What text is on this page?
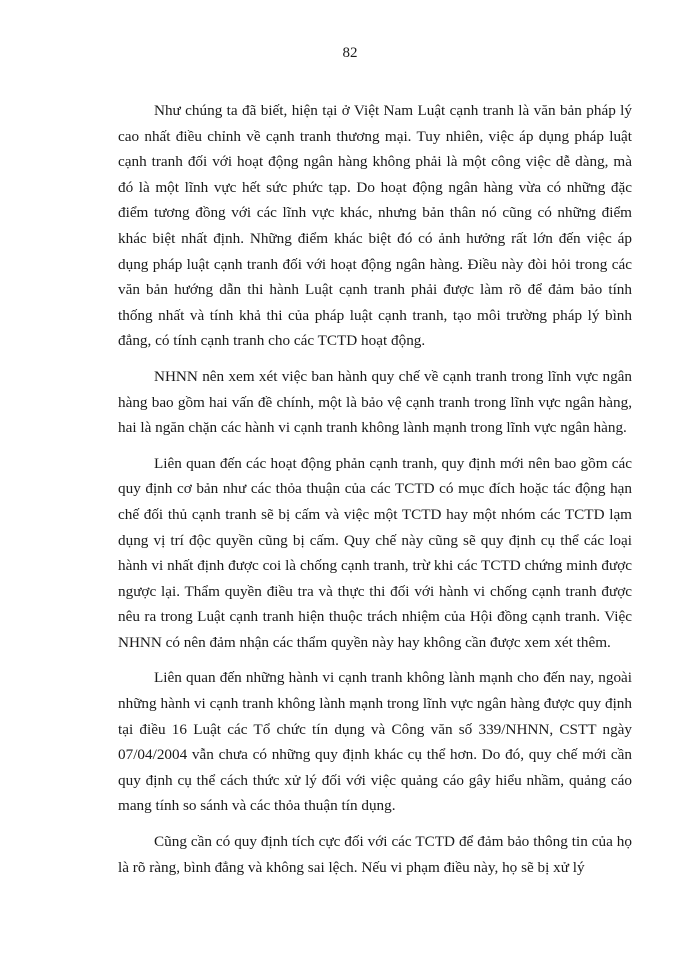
82

Như chúng ta đã biết, hiện tại ở Việt Nam Luật cạnh tranh là văn bản pháp lý cao nhất điều chỉnh về cạnh tranh thương mại. Tuy nhiên, việc áp dụng pháp luật cạnh tranh đối với hoạt động ngân hàng không phải là một công việc dễ dàng, mà đó là một lĩnh vực hết sức phức tạp. Do hoạt động ngân hàng vừa có những đặc điểm tương đồng với các lĩnh vực khác, nhưng bản thân nó cũng có những điểm khác biệt nhất định. Những điểm khác biệt đó có ảnh hưởng rất lớn đến việc áp dụng pháp luật cạnh tranh đối với hoạt động ngân hàng. Điều này đòi hỏi trong các văn bản hướng dẫn thi hành Luật cạnh tranh phải được làm rõ để đảm bảo tính thống nhất và tính khả thi của pháp luật cạnh tranh, tạo môi trường pháp lý bình đẳng, có tính cạnh tranh cho các TCTD hoạt động.

NHNN nên xem xét việc ban hành quy chế về cạnh tranh trong lĩnh vực ngân hàng bao gồm hai vấn đề chính, một là bảo vệ cạnh tranh trong lĩnh vực ngân hàng, hai là ngăn chặn các hành vi cạnh tranh không lành mạnh trong lĩnh vực ngân hàng.

Liên quan đến các hoạt động phản cạnh tranh, quy định mới nên bao gồm các quy định cơ bản như các thỏa thuận của các TCTD có mục đích hoặc tác động hạn chế đối thủ cạnh tranh sẽ bị cấm và việc một TCTD hay một nhóm các TCTD lạm dụng vị trí độc quyền cũng bị cấm. Quy chế này cũng sẽ quy định cụ thể các loại hành vi nhất định được coi là chống cạnh tranh, trừ khi các TCTD chứng minh được ngược lại. Thẩm quyền điều tra và thực thi đối với hành vi chống cạnh tranh được nêu ra trong Luật cạnh tranh hiện thuộc trách nhiệm của Hội đồng cạnh tranh. Việc NHNN có nên đảm nhận các thẩm quyền này hay không cần được xem xét thêm.

Liên quan đến những hành vi cạnh tranh không lành mạnh cho đến nay, ngoài những hành vi cạnh tranh không lành mạnh trong lĩnh vực ngân hàng được quy định tại điều 16 Luật các Tổ chức tín dụng và Công văn số 339/NHNN, CSTT ngày 07/04/2004 vẫn chưa có những quy định khác cụ thể hơn. Do đó, quy chế mới cần quy định cụ thể cách thức xử lý đối với việc quảng cáo gây hiểu nhầm, quảng cáo mang tính so sánh và các thỏa thuận tín dụng.

Cũng cần có quy định tích cực đối với các TCTD để đảm bảo thông tin của họ là rõ ràng, bình đẳng và không sai lệch. Nếu vi phạm điều này, họ sẽ bị xử lý
